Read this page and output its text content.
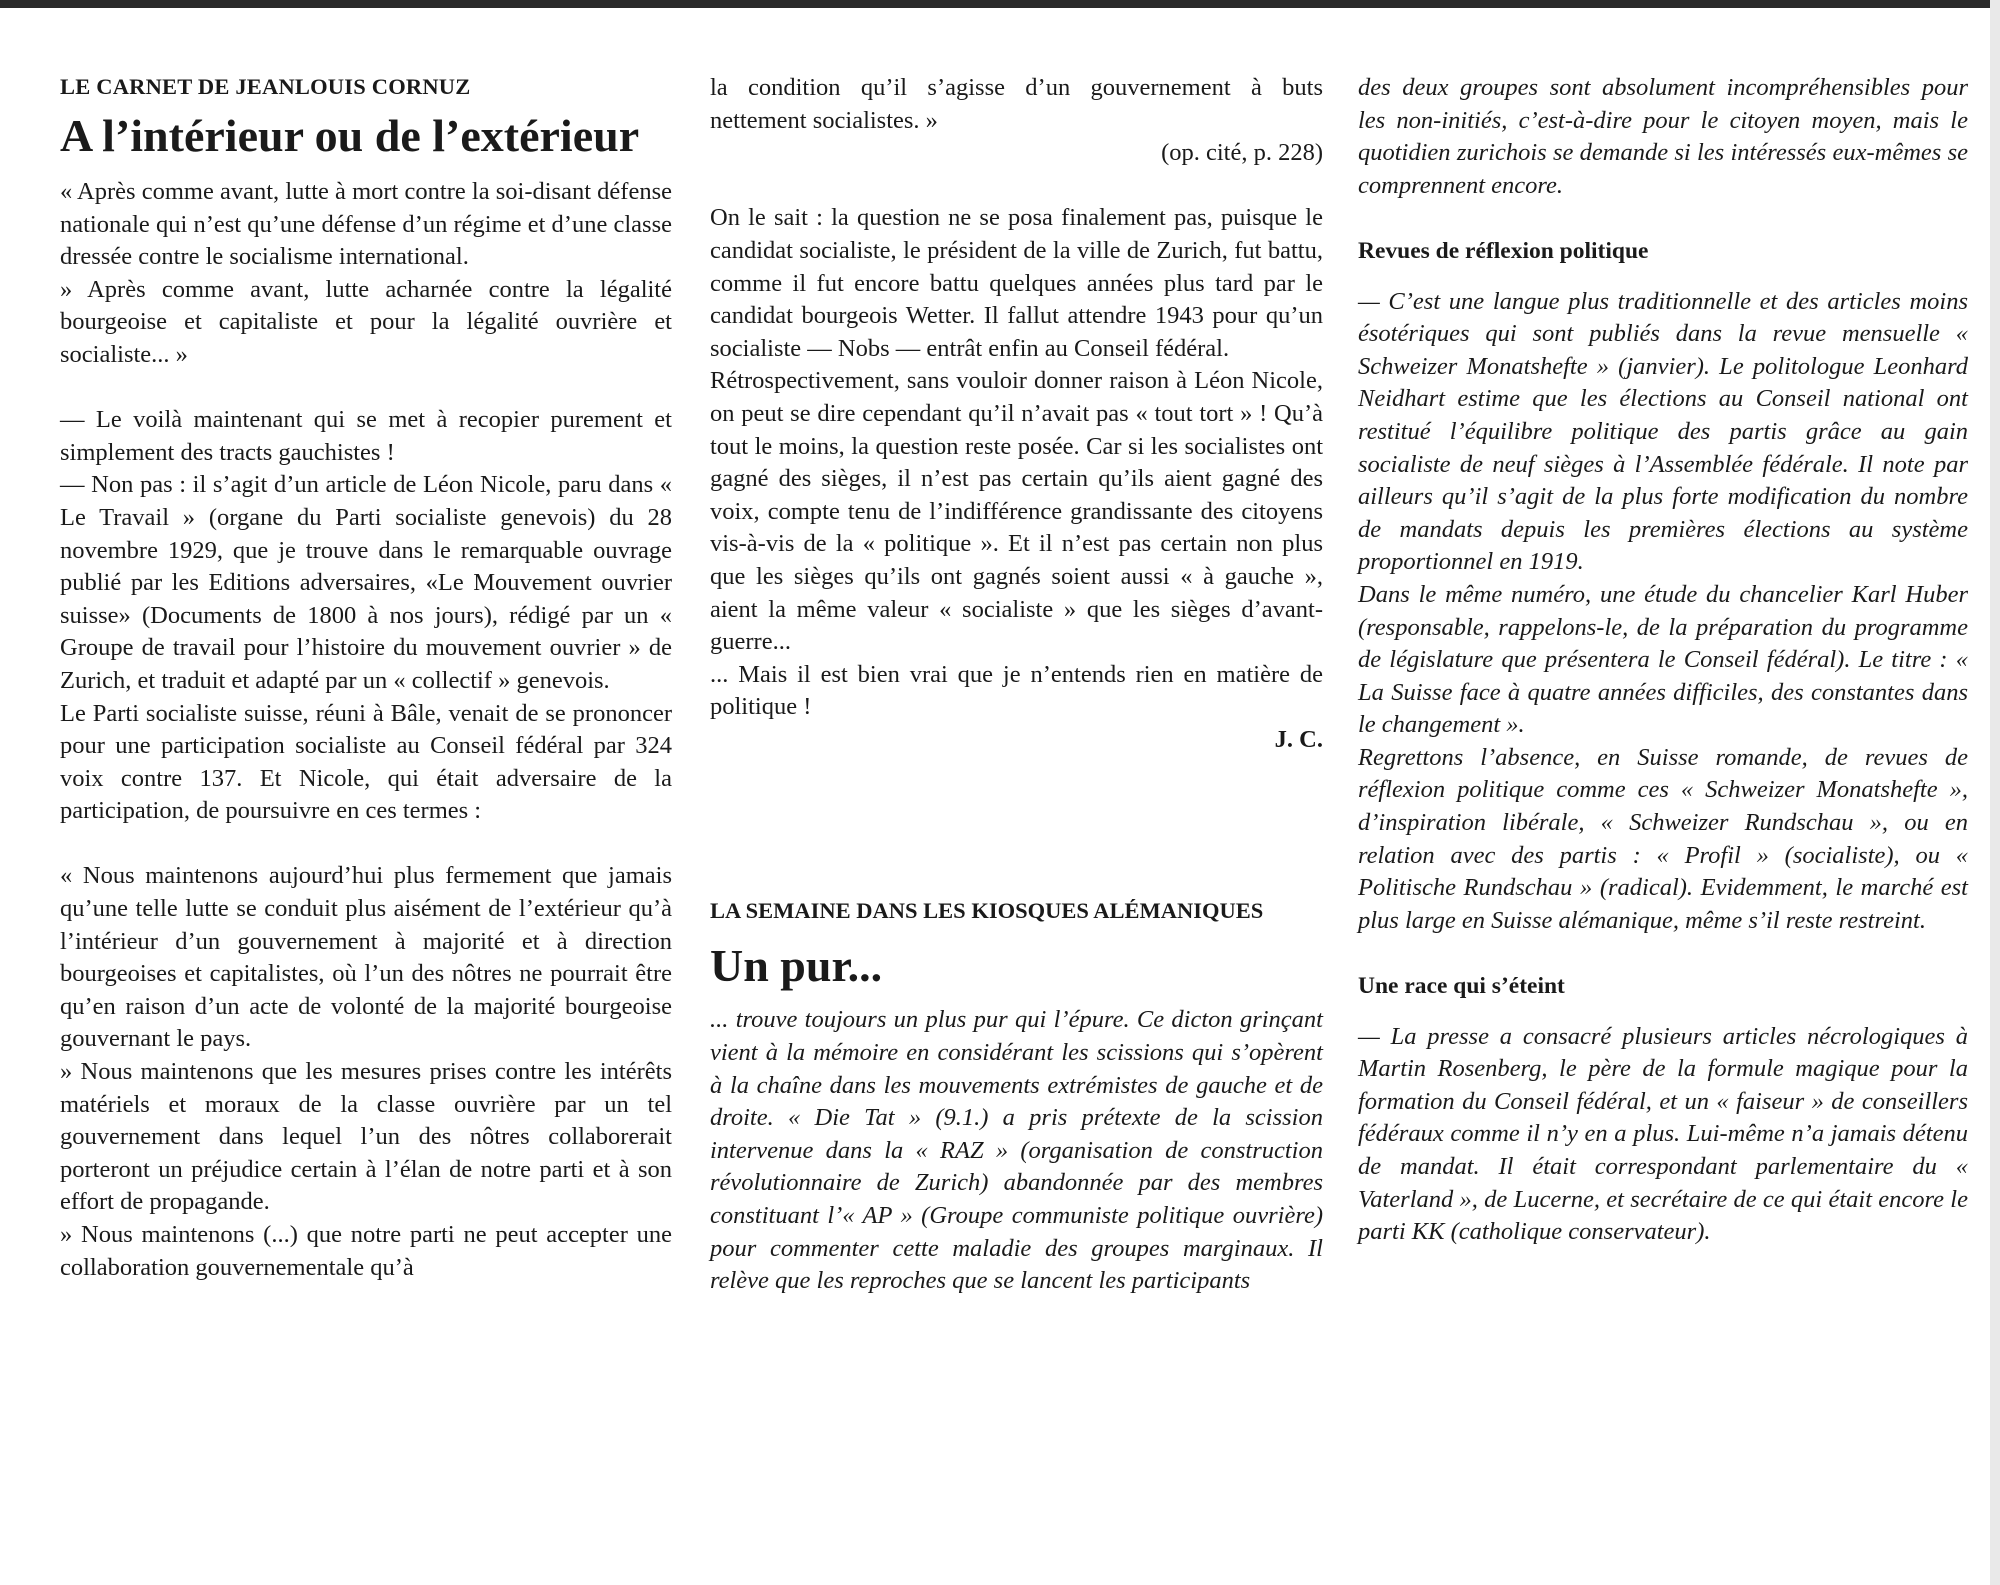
LE CARNET DE JEANLOUIS CORNUZ
A l’intérieur ou de l’extérieur

« Après comme avant, lutte à mort contre la soi-disant défense nationale qui n’est qu’une défense d’un régime et d’une classe dressée contre le socialisme international.

» Après comme avant, lutte acharnée contre la légalité bourgeoise et capitaliste et pour la légalité ouvrière et socialiste... »

— Le voilà maintenant qui se met à recopier purement et simplement des tracts gauchistes !

— Non pas : il s’agit d’un article de Léon Nicole, paru dans « Le Travail » (organe du Parti socialiste genevois) du 28 novembre 1929, que je trouve dans le remarquable ouvrage publié par les Editions adversaires, «Le Mouvement ouvrier suisse» (Documents de 1800 à nos jours), rédigé par un « Groupe de travail pour l’histoire du mouvement ouvrier » de Zurich, et traduit et adapté par un « collectif » genevois.

Le Parti socialiste suisse, réuni à Bâle, venait de se prononcer pour une participation socialiste au Conseil fédéral par 324 voix contre 137. Et Nicole, qui était adversaire de la participation, de poursuivre en ces termes :

« Nous maintenons aujourd’hui plus fermement que jamais qu’une telle lutte se conduit plus aisément de l’extérieur qu’à l’intérieur d’un gouvernement à majorité et à direction bourgeoises et capitalistes, où l’un des nôtres ne pourrait être qu’en raison d’un acte de volonté de la majorité bourgeoise gouvernant le pays.

» Nous maintenons que les mesures prises contre les intérêts matériels et moraux de la classe ouvrière par un tel gouvernement dans lequel l’un des nôtres collaborerait porteront un préjudice certain à l’élan de notre parti et à son effort de propagande.

» Nous maintenons (...) que notre parti ne peut accepter une collaboration gouvernementale qu’à

la condition qu’il s’agisse d’un gouvernement à buts nettement socialistes. »

(op. cité, p. 228)

On le sait : la question ne se posa finalement pas, puisque le candidat socialiste, le président de la ville de Zurich, fut battu, comme il fut encore battu quelques années plus tard par le candidat bourgeois Wetter. Il fallut attendre 1943 pour qu’un socialiste — Nobs — entrât enfin au Conseil fédéral.

Rétrospectivement, sans vouloir donner raison à Léon Nicole, on peut se dire cependant qu’il n’avait pas « tout tort » ! Qu’à tout le moins, la question reste posée. Car si les socialistes ont gagné des sièges, il n’est pas certain qu’ils aient gagné des voix, compte tenu de l’indifférence grandissante des citoyens vis-à-vis de la « politique ». Et il n’est pas certain non plus que les sièges qu’ils ont gagnés soient aussi « à gauche », aient la même valeur « socialiste » que les sièges d’avant-guerre...

... Mais il est bien vrai que je n’entends rien en matière de politique !

J. C.

LA SEMAINE DANS LES KIOSQUES ALÉMANIQUES
Un pur...

... trouve toujours un plus pur qui l’épure. Ce dicton grinçant vient à la mémoire en considérant les scissions qui s’opèrent à la chaîne dans les mouvements extrémistes de gauche et de droite. « Die Tat » (9.1.) a pris prétexte de la scission intervenue dans la « RAZ » (organisation de construction révolutionnaire de Zurich) abandonnée par des membres constituant l’« AP » (Groupe communiste politique ouvrière) pour commenter cette maladie des groupes marginaux. Il relève que les reproches que se lancent les participants

des deux groupes sont absolument incompréhensibles pour les non-initiés, c’est-à-dire pour le citoyen moyen, mais le quotidien zurichois se demande si les intéressés eux-mêmes se comprennent encore.

Revues de réflexion politique

— C’est une langue plus traditionnelle et des articles moins ésotériques qui sont publiés dans la revue mensuelle « Schweizer Monatshefte » (janvier). Le politologue Leonhard Neidhart estime que les élections au Conseil national ont restitué l’équilibre politique des partis grâce au gain socialiste de neuf sièges à l’Assemblée fédérale. Il note par ailleurs qu’il s’agit de la plus forte modification du nombre de mandats depuis les premières élections au système proportionnel en 1919.

Dans le même numéro, une étude du chancelier Karl Huber (responsable, rappelons-le, de la préparation du programme de législature que présentera le Conseil fédéral). Le titre : « La Suisse face à quatre années difficiles, des constantes dans le changement ».

Regrettons l’absence, en Suisse romande, de revues de réflexion politique comme ces « Schweizer Monatshefte », d’inspiration libérale, « Schweizer Rundschau », ou en relation avec des partis : « Profil » (socialiste), ou « Politische Rundschau » (radical). Evidemment, le marché est plus large en Suisse alémanique, même s’il reste restreint.

Une race qui s’éteint

— La presse a consacré plusieurs articles nécrologiques à Martin Rosenberg, le père de la formule magique pour la formation du Conseil fédéral, et un « faiseur » de conseillers fédéraux comme il n’y en a plus. Lui-même n’a jamais détenu de mandat. Il était correspondant parlementaire du « Vaterland », de Lucerne, et secrétaire de ce qui était encore le parti KK (catholique conservateur).
